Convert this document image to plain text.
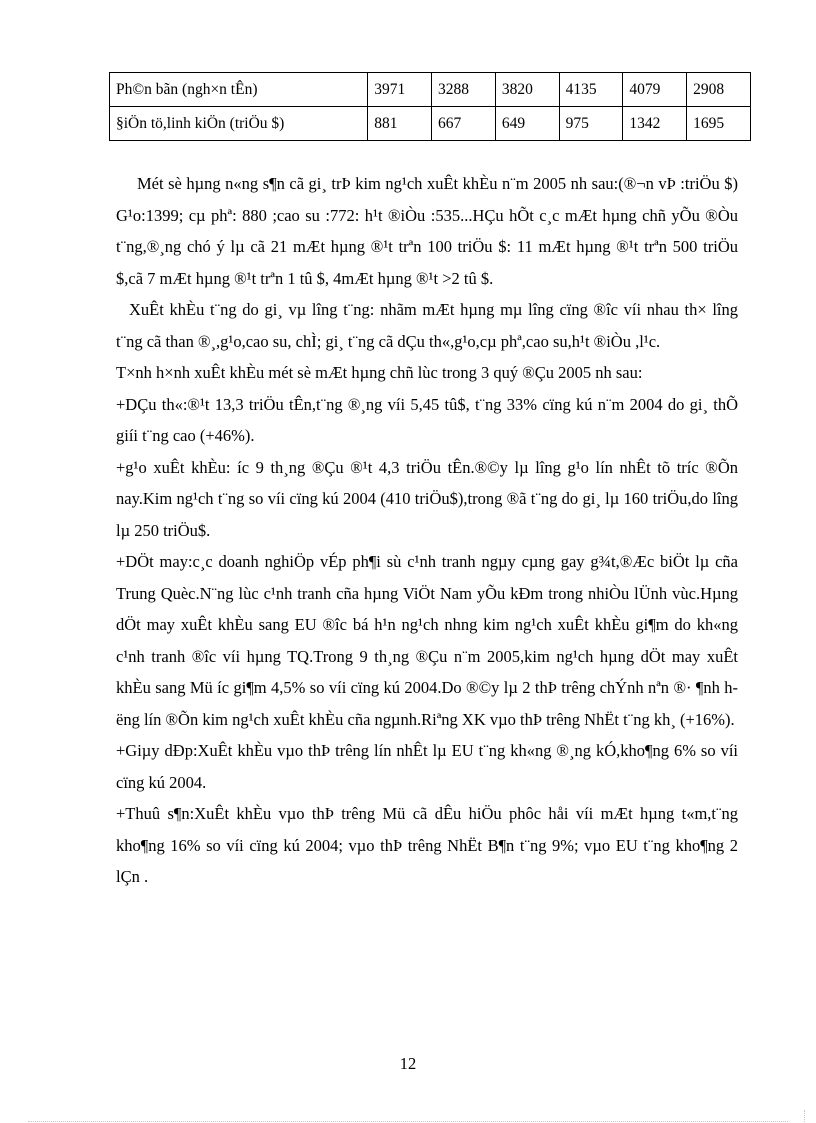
Ph©n bãn (ngh×n tÊn)	3971	3288	3820	4135	4079	2908
§iÖn tö,linh kiÖn (triÖu $)	881	667	649	975	1342	1695

Mét sè hµng n«ng s¶n cã gi¸ trÞ kim ng¹ch xuÊt khÈu n¨m 2005 nh sau:(®¬n vÞ :triÖu $) G¹o:1399; cµ phª: 880 ;cao su :772: h¹t ®iÒu :535...HÇu hÕt c¸c mÆt hµng chñ yÕu ®Òu t¨ng,®¸ng chó ý lµ cã 21 mÆt hµng ®¹t trªn 100 triÖu $: 11 mÆt hµng ®¹t trªn 500 triÖu $,cã 7 mÆt hµng ®¹t trªn 1 tû $, 4mÆt hµng ®¹t >2 tû $.

XuÊt khÈu t¨ng do gi¸ vµ lîng t¨ng: nhãm mÆt hµng mµ lîng cïng ®îc víi nhau th× lîng t¨ng cã than ®¸,g¹o,cao su, chÌ; gi¸ t¨ng cã dÇu th«,g¹o,cµ phª,cao su,h¹t ®iÒu ,l¹c.

T×nh h×nh xuÊt khÈu mét sè mÆt hµng chñ lùc trong 3 quý ®Çu 2005 nh sau:

+DÇu th«:®¹t 13,3 triÖu tÊn,t¨ng ®¸ng víi 5,45 tû$, t¨ng 33% cïng kú n¨m 2004 do gi¸ thÕ giíi t¨ng cao (+46%).

+g¹o xuÊt khÈu: íc 9 th¸ng ®Çu ®¹t 4,3 triÖu tÊn.®©y lµ lîng g¹o lín nhÊt tõ tríc ®Õn nay.Kim ng¹ch t¨ng so víi cïng kú 2004 (410 triÖu$),trong ®ã t¨ng do gi¸ lµ 160 triÖu,do lîng lµ 250 triÖu$.

+DÖt may:c¸c doanh nghiÖp vÉp ph¶i sù c¹nh tranh ngµy cµng gay g¾t,®Æc biÖt lµ cña Trung Quèc.N¨ng lùc c¹nh tranh cña hµng ViÖt Nam yÕu kÐm trong nhiÒu lÜnh vùc.Hµng dÖt may xuÊt khÈu sang EU ®îc bá h¹n ng¹ch nhng kim ng¹ch xuÊt khÈu gi¶m do kh«ng c¹nh tranh ®îc víi hµng TQ.Trong 9 th¸ng ®Çu n¨m 2005,kim ng¹ch hµng dÖt may xuÊt khÈu sang Mü íc gi¶m 4,5% so víi cïng kú 2004.Do ®©y lµ 2 thÞ trêng chÝnh nªn ®· ¶nh hëng lín ®Õn kim ng¹ch xuÊt khÈu cña ngµnh.Riªng XK vµo thÞ trêng NhËt t¨ng kh¸ (+16%).

+Giµy dÐp:XuÊt khÈu vµo thÞ trêng lín nhÊt lµ EU t¨ng kh«ng ®¸ng kÓ,kho¶ng 6% so víi cïng kú 2004.

+Thuû s¶n:XuÊt khÈu vµo thÞ trêng Mü cã dÊu hiÖu phôc håi víi mÆt hµng t«m,t¨ng kho¶ng 16% so víi cïng kú 2004; vµo thÞ trêng NhËt B¶n t¨ng 9%; vµo EU t¨ng kho¶ng 2 lÇn .

12
